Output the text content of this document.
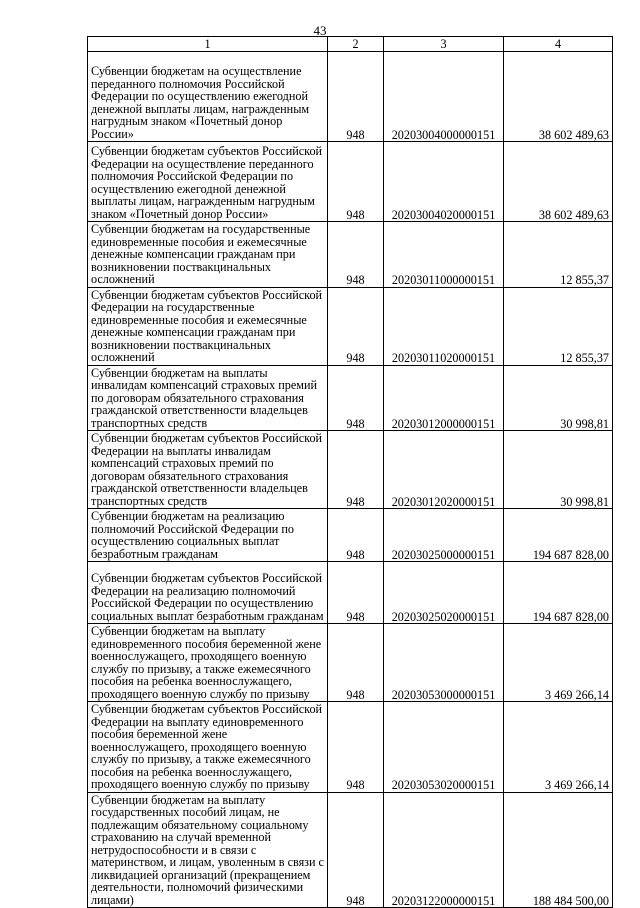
43
1	2	3	4
Субвенции бюджетам на осуществление переданного полномочия Российской Федерации по осуществлению ежегодной денежной выплаты лицам, награжденным нагрудным знаком «Почетный донор России»	948	20203004000000151	38 602 489,63
Субвенции бюджетам субъектов Российской Федерации на осуществление переданного полномочия Российской Федерации по осуществлению ежегодной денежной выплаты лицам, награжденным нагрудным знаком «Почетный донор России»	948	20203004020000151	38 602 489,63
Субвенции бюджетам на государственные единовременные пособия и ежемесячные денежные компенсации гражданам при возникновении поствакцинальных осложнений	948	20203011000000151	12 855,37
Субвенции бюджетам субъектов Российской Федерации на государственные единовременные пособия и ежемесячные денежные компенсации гражданам при возникновении поствакцинальных осложнений	948	20203011020000151	12 855,37
Субвенции бюджетам на выплаты инвалидам компенсаций страховых премий по договорам обязательного страхования гражданской ответственности владельцев транспортных средств	948	20203012000000151	30 998,81
Субвенции бюджетам субъектов Российской Федерации на выплаты инвалидам компенсаций страховых премий по договорам обязательного страхования гражданской ответственности владельцев транспортных средств	948	20203012020000151	30 998,81
Субвенции бюджетам на реализацию полномочий Российской Федерации по осуществлению социальных выплат безработным гражданам	948	20203025000000151	194 687 828,00
Субвенции бюджетам субъектов Российской Федерации на реализацию полномочий Российской Федерации по осуществлению социальных выплат безработным гражданам	948	20203025020000151	194 687 828,00
Субвенции бюджетам на выплату единовременного пособия беременной жене военнослужащего, проходящего военную службу по призыву, а также ежемесячного пособия на ребенка военнослужащего, проходящего военную службу по призыву	948	20203053000000151	3 469 266,14
Субвенции бюджетам субъектов Российской Федерации на выплату единовременного пособия беременной жене военнослужащего, проходящего военную службу по призыву, а также ежемесячного пособия на ребенка военнослужащего, проходящего военную службу по призыву	948	20203053020000151	3 469 266,14
Субвенции бюджетам на выплату государственных пособий лицам, не подлежащим обязательному социальному страхованию на случай временной нетрудоспособности и в связи с материнством, и лицам, уволенным в связи с ликвидацией организаций (прекращением деятельности, полномочий физическими лицами)	948	20203122000000151	188 484 500,00
